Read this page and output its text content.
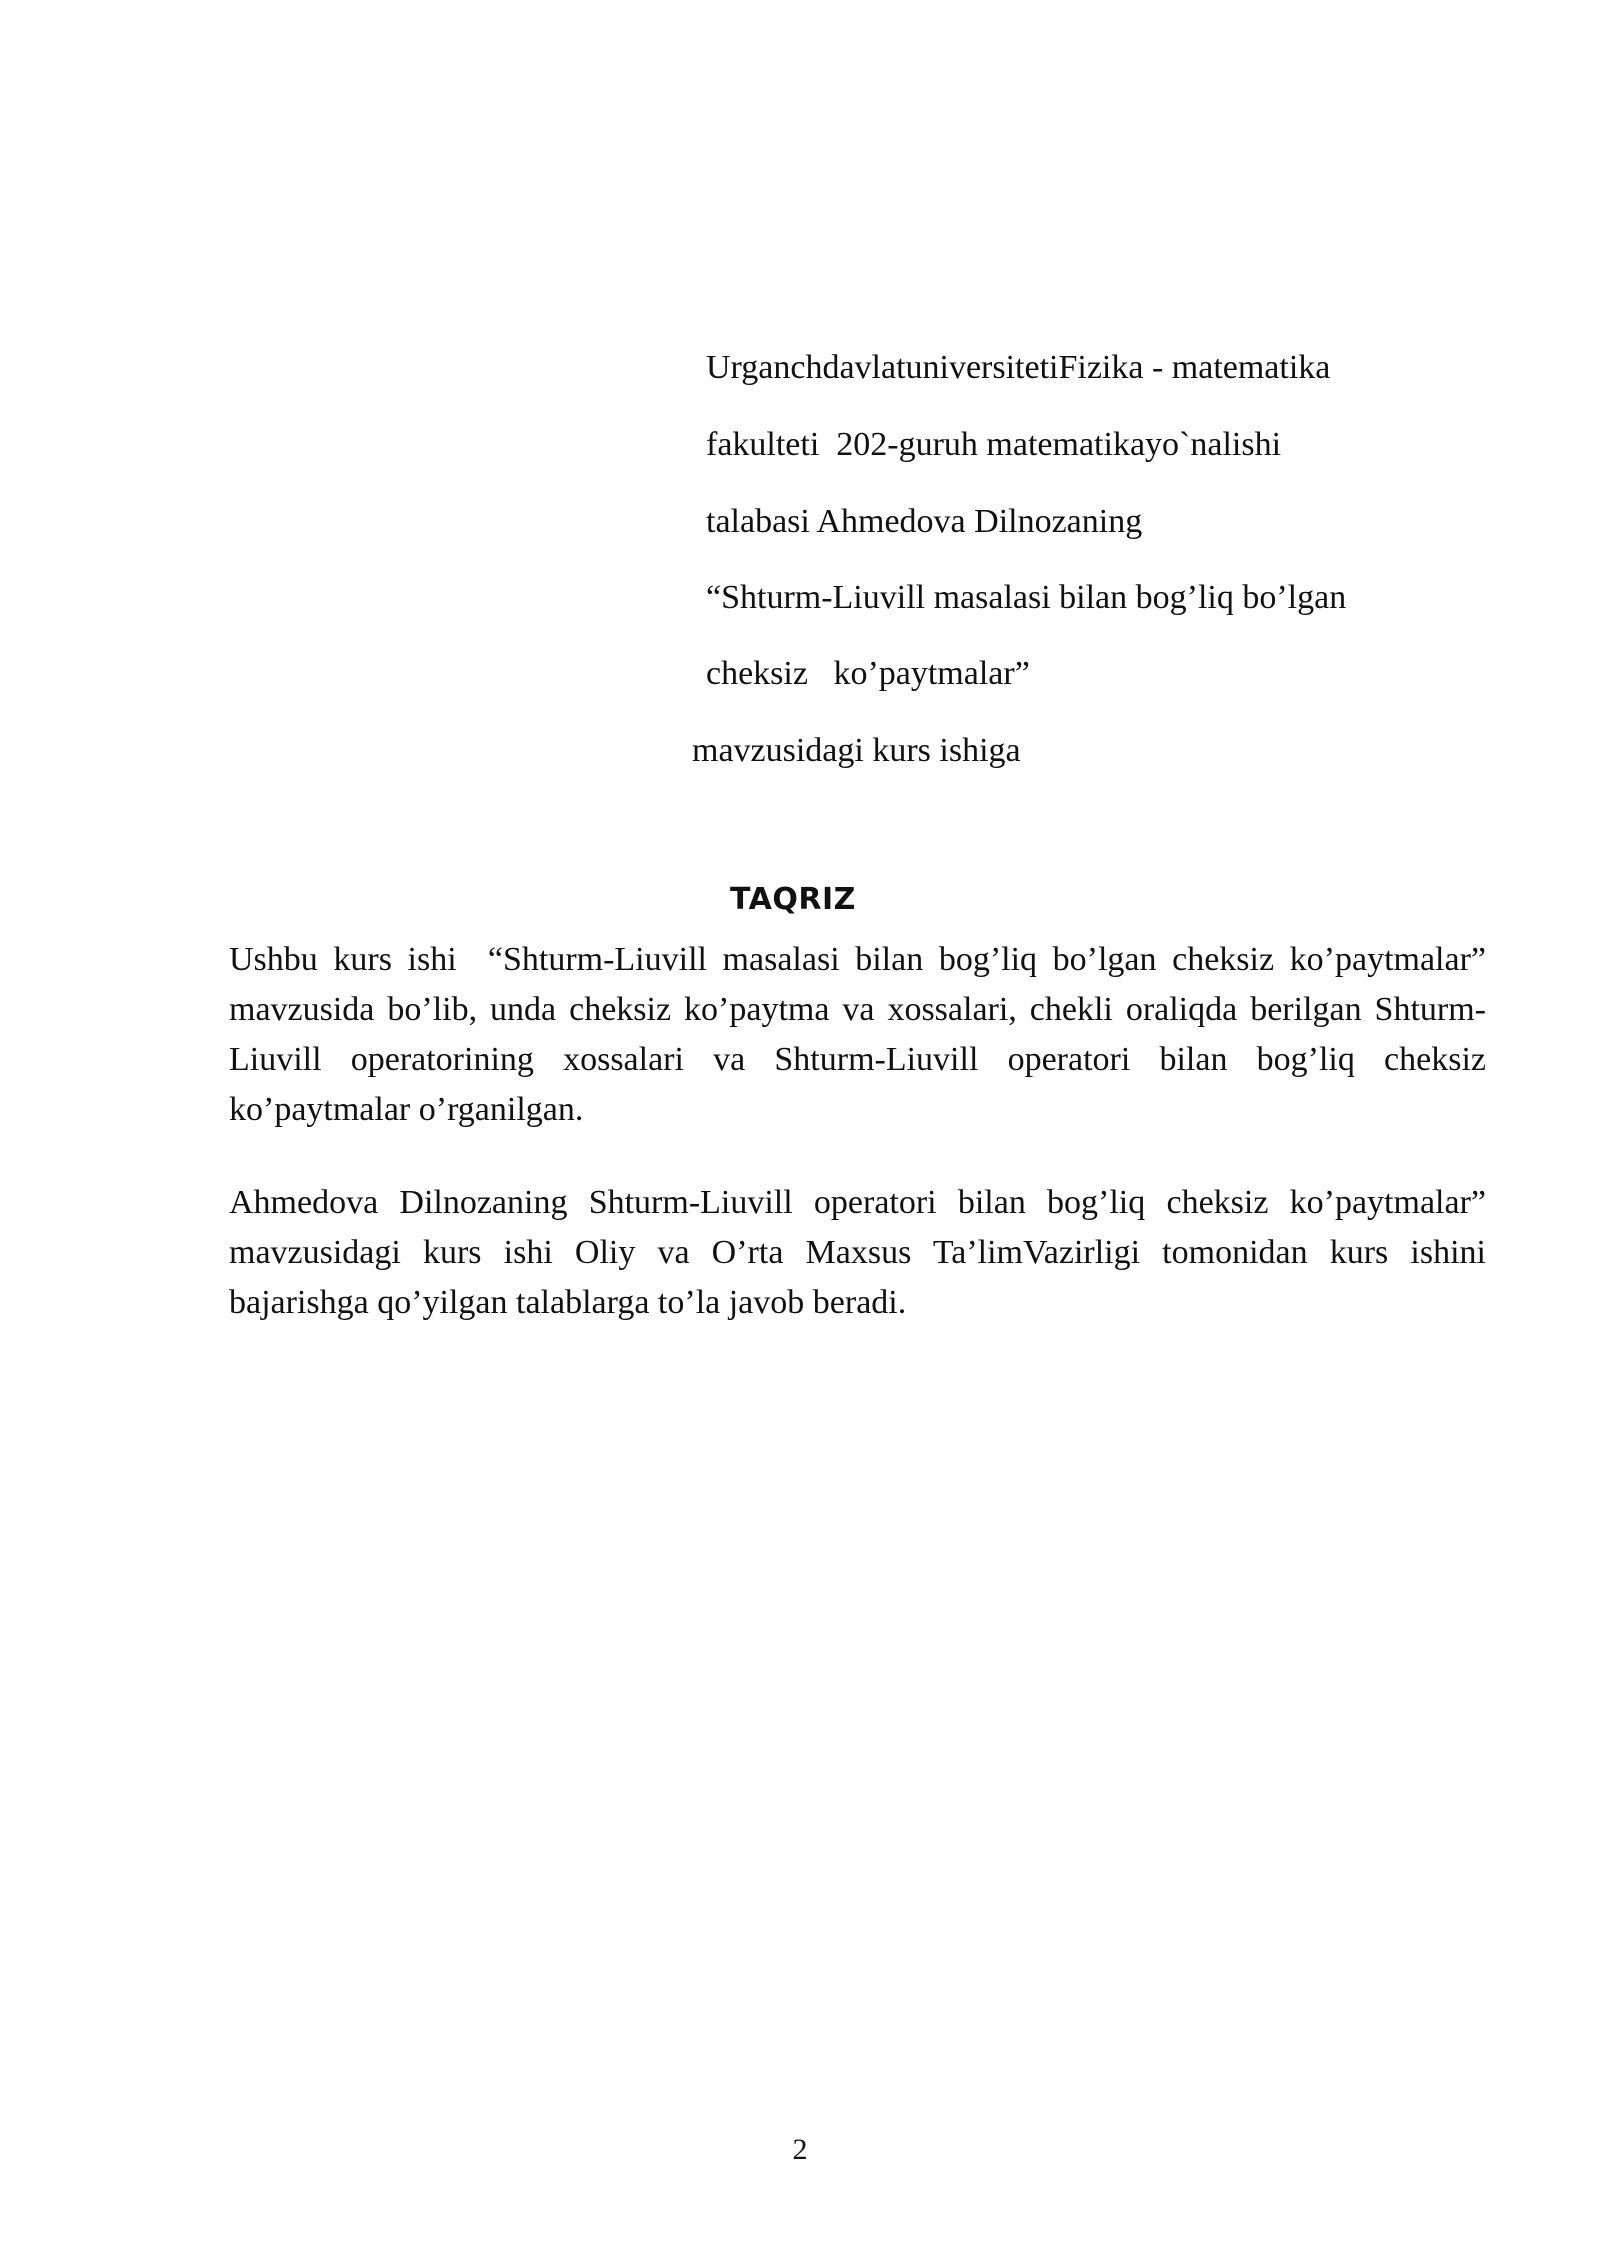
UrganchdavlatuniversitetiFizika - matematika
fakulteti  202-guruh matematikayo`nalishi
talabasi Ahmedova Dilnozaning
“Shturm-Liuvill masalasi bilan bog’liq bo’lgan
cheksiz   ko’paytmalar”
mavzusidagi kurs ishiga
TAQRIZ

Ushbu kurs ishi  “Shturm-Liuvill masalasi bilan bog’liq bo’lgan cheksiz ko’paytmalar”  mavzusida bo’lib, unda cheksiz ko’paytma va xossalari, chekli oraliqda berilgan Shturm-Liuvill operatorining xossalari va Shturm-Liuvill operatori bilan bog’liq cheksiz ko’paytmalar o’rganilgan.

Ahmedova Dilnozaning Shturm-Liuvill operatori bilan bog’liq cheksiz ko’paytmalar”  mavzusidagi kurs ishi Oliy va O’rta Maxsus Ta’limVazirligi tomonidan kurs ishini bajarishga qo’yilgan talablarga to’la javob beradi.

2
